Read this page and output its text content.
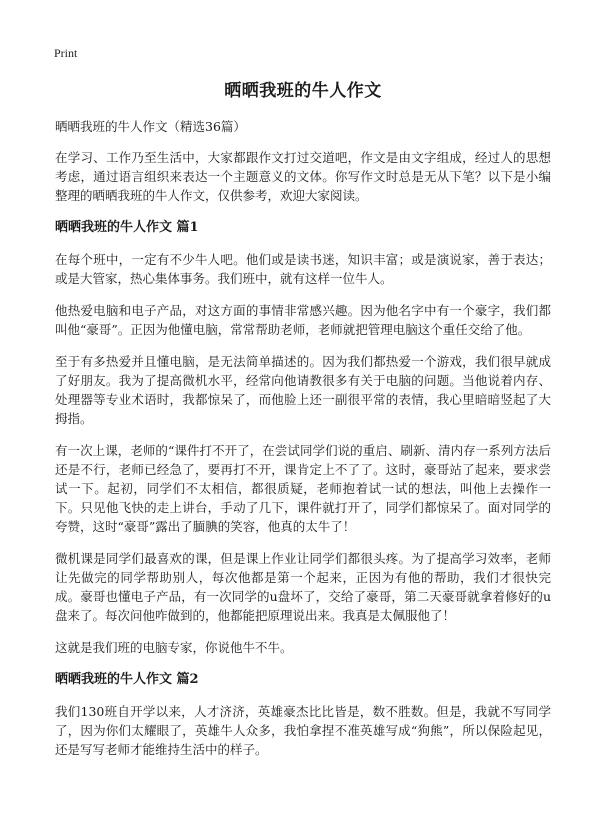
Print
晒晒我班的牛人作文

晒晒我班的牛人作文（精选36篇）

在学习、工作乃至生活中，大家都跟作文打过交道吧，作文是由文字组成，经过人的思想考虑，通过语言组织来表达一个主题意义的文体。你写作文时总是无从下笔？以下是小编整理的晒晒我班的牛人作文，仅供参考，欢迎大家阅读。

晒晒我班的牛人作文 篇1

在每个班中，一定有不少牛人吧。他们或是读书迷，知识丰富；或是演说家，善于表达；或是大管家，热心集体事务。我们班中，就有这样一位牛人。

他热爱电脑和电子产品，对这方面的事情非常感兴趣。因为他名字中有一个豪字，我们都叫他“豪哥”。正因为他懂电脑，常常帮助老师，老师就把管理电脑这个重任交给了他。

至于有多热爱并且懂电脑，是无法简单描述的。因为我们都热爱一个游戏，我们很早就成了好朋友。我为了提高微机水平，经常向他请教很多有关于电脑的问题。当他说着内存、处理器等专业术语时，我都惊呆了，而他脸上还一副很平常的表情，我心里暗暗竖起了大拇指。

有一次上课，老师的“课件打不开了，在尝试同学们说的重启、刷新、清内存一系列方法后还是不行，老师已经急了，要再打不开，课肯定上不了了。这时，豪哥站了起来，要求尝试一下。起初，同学们不太相信，都很质疑，老师抱着试一试的想法，叫他上去操作一下。只见他飞快的走上讲台，手动了几下，课件就打开了，同学们都惊呆了。面对同学的夸赞，这时“豪哥”露出了腼腆的笑容，他真的太牛了！

微机课是同学们最喜欢的课，但是课上作业让同学们都很头疼。为了提高学习效率，老师让先做完的同学帮助别人，每次他都是第一个起来，正因为有他的帮助，我们才很快完成。豪哥也懂电子产品，有一次同学的u盘坏了，交给了豪哥，第二天豪哥就拿着修好的u盘来了。每次问他咋做到的，他都能把原理说出来。我真是太佩服他了！

这就是我们班的电脑专家，你说他牛不牛。

晒晒我班的牛人作文 篇2

我们130班自开学以来，人才济济，英雄豪杰比比皆是，数不胜数。但是，我就不写同学了，因为你们太耀眼了，英雄牛人众多，我怕拿捏不准英雄写成“狗熊”，所以保险起见，还是写写老师才能维持生活中的样子。
